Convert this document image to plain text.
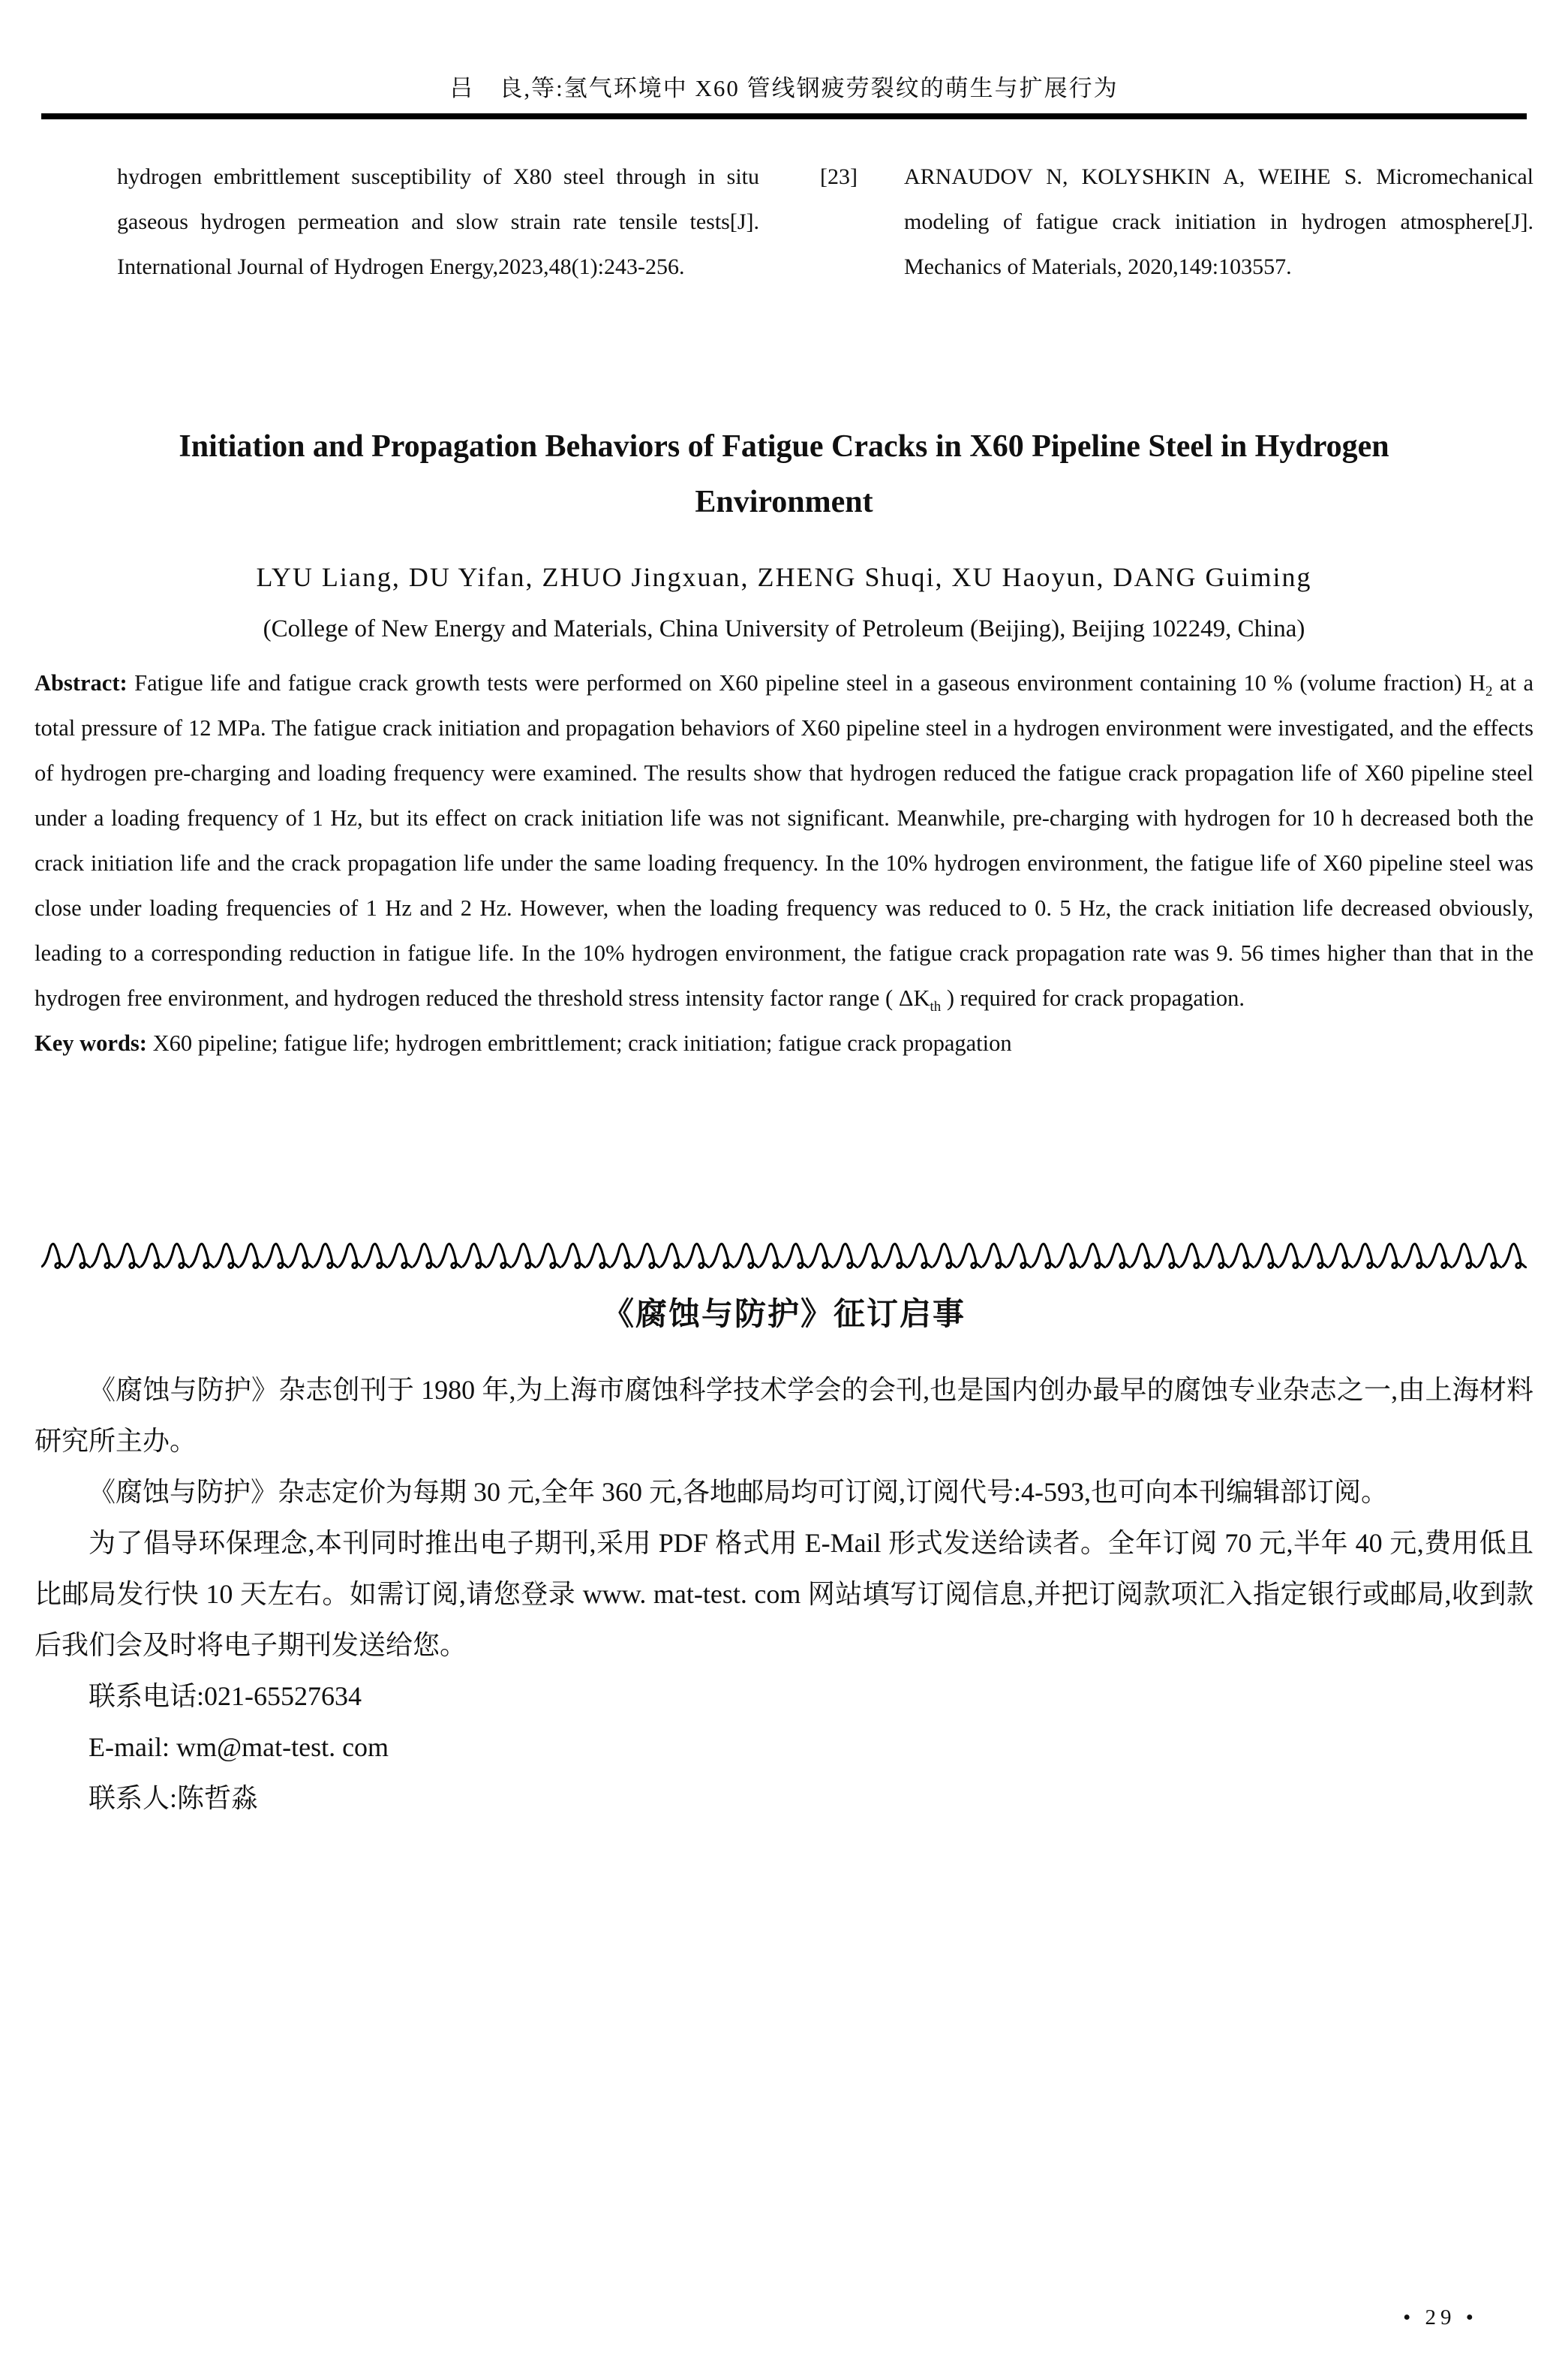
吕　良,等:氢气环境中 X60 管线钢疲劳裂纹的萌生与扩展行为
hydrogen embrittlement susceptibility of X80 steel through in situ gaseous hydrogen permeation and slow strain rate tensile tests[J]. International Journal of Hydrogen Energy,2023,48(1):243-256.

[23] ARNAUDOV N, KOLYSHKIN A, WEIHE S. Micromechanical modeling of fatigue crack initiation in hydrogen atmosphere[J]. Mechanics of Materials, 2020,149:103557.

Initiation and Propagation Behaviors of Fatigue Cracks in X60 Pipeline Steel in Hydrogen Environment
LYU Liang, DU Yifan, ZHUO Jingxuan, ZHENG Shuqi, XU Haoyun, DANG Guiming
(College of New Energy and Materials, China University of Petroleum (Beijing), Beijing 102249, China)

Abstract: Fatigue life and fatigue crack growth tests were performed on X60 pipeline steel in a gaseous environment containing 10 % (volume fraction) $H_2$ at a total pressure of 12 MPa. The fatigue crack initiation and propagation behaviors of X60 pipeline steel in a hydrogen environment were investigated, and the effects of hydrogen pre-charging and loading frequency were examined. The results show that hydrogen reduced the fatigue crack propagation life of X60 pipeline steel under a loading frequency of 1 Hz, but its effect on crack initiation life was not significant. Meanwhile, pre-charging with hydrogen for 10 h decreased both the crack initiation life and the crack propagation life under the same loading frequency. In the 10% hydrogen environment, the fatigue life of X60 pipeline steel was close under loading frequencies of 1 Hz and 2 Hz. However, when the loading frequency was reduced to 0. 5 Hz, the crack initiation life decreased obviously, leading to a corresponding reduction in fatigue life. In the 10% hydrogen environment, the fatigue crack propagation rate was 9. 56 times higher than that in the hydrogen free environment, and hydrogen reduced the threshold stress intensity factor range ( $\Delta K_{th}$ ) required for crack propagation.

Key words: X60 pipeline; fatigue life; hydrogen embrittlement; crack initiation; fatigue crack propagation

《腐蚀与防护》征订启事

《腐蚀与防护》杂志创刊于 1980 年,为上海市腐蚀科学技术学会的会刊,也是国内创办最早的腐蚀专业杂志之一,由上海材料研究所主办。

《腐蚀与防护》杂志定价为每期 30 元,全年 360 元,各地邮局均可订阅,订阅代号:4-593,也可向本刊编辑部订阅。

为了倡导环保理念,本刊同时推出电子期刊,采用 PDF 格式用 E-Mail 形式发送给读者。全年订阅 70 元,半年 40 元,费用低且比邮局发行快 10 天左右。如需订阅,请您登录 www. mat-test. com 网站填写订阅信息,并把订阅款项汇入指定银行或邮局,收到款后我们会及时将电子期刊发送给您。

联系电话:021-65527634

E-mail: wm@mat-test. com

联系人:陈哲淼

• 29 •
